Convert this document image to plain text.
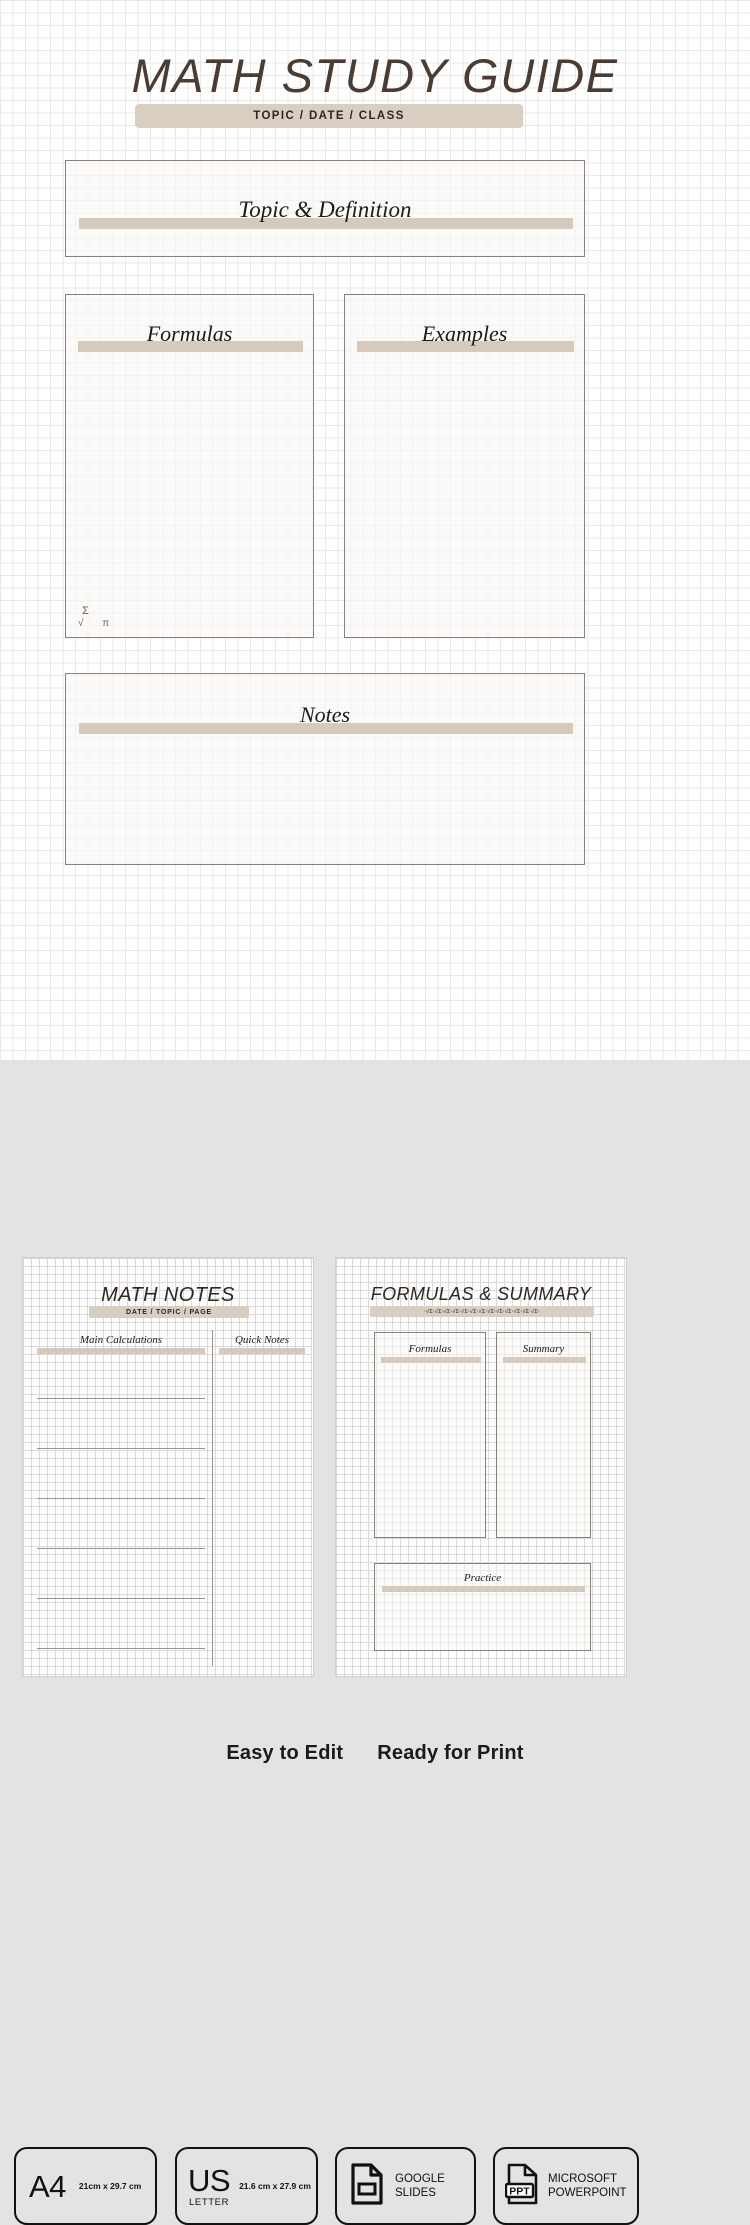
MATH STUDY GUIDE
TOPIC / DATE / CLASS
Topic & Definition
Formulas
Σ
√ π
Examples
Notes
A4 21cm x 29.7 cm US
LETTER
21.6 cm x 27.9 cm
GOOGLE
SLIDES	PPT
MICROSOFT
POWERPOINT
MATH NOTES
DATE / TOPIC / PAGE
Main Calculations	Quick Notes
FORMULAS & SUMMARY
·√Σ·√Σ·√Σ·√Σ·√Σ·√Σ·√Σ·√Σ·√Σ·√Σ·√Σ·√Σ·√Σ·
Formulas	Summary
Practice
Easy to Edit Ready for Print
